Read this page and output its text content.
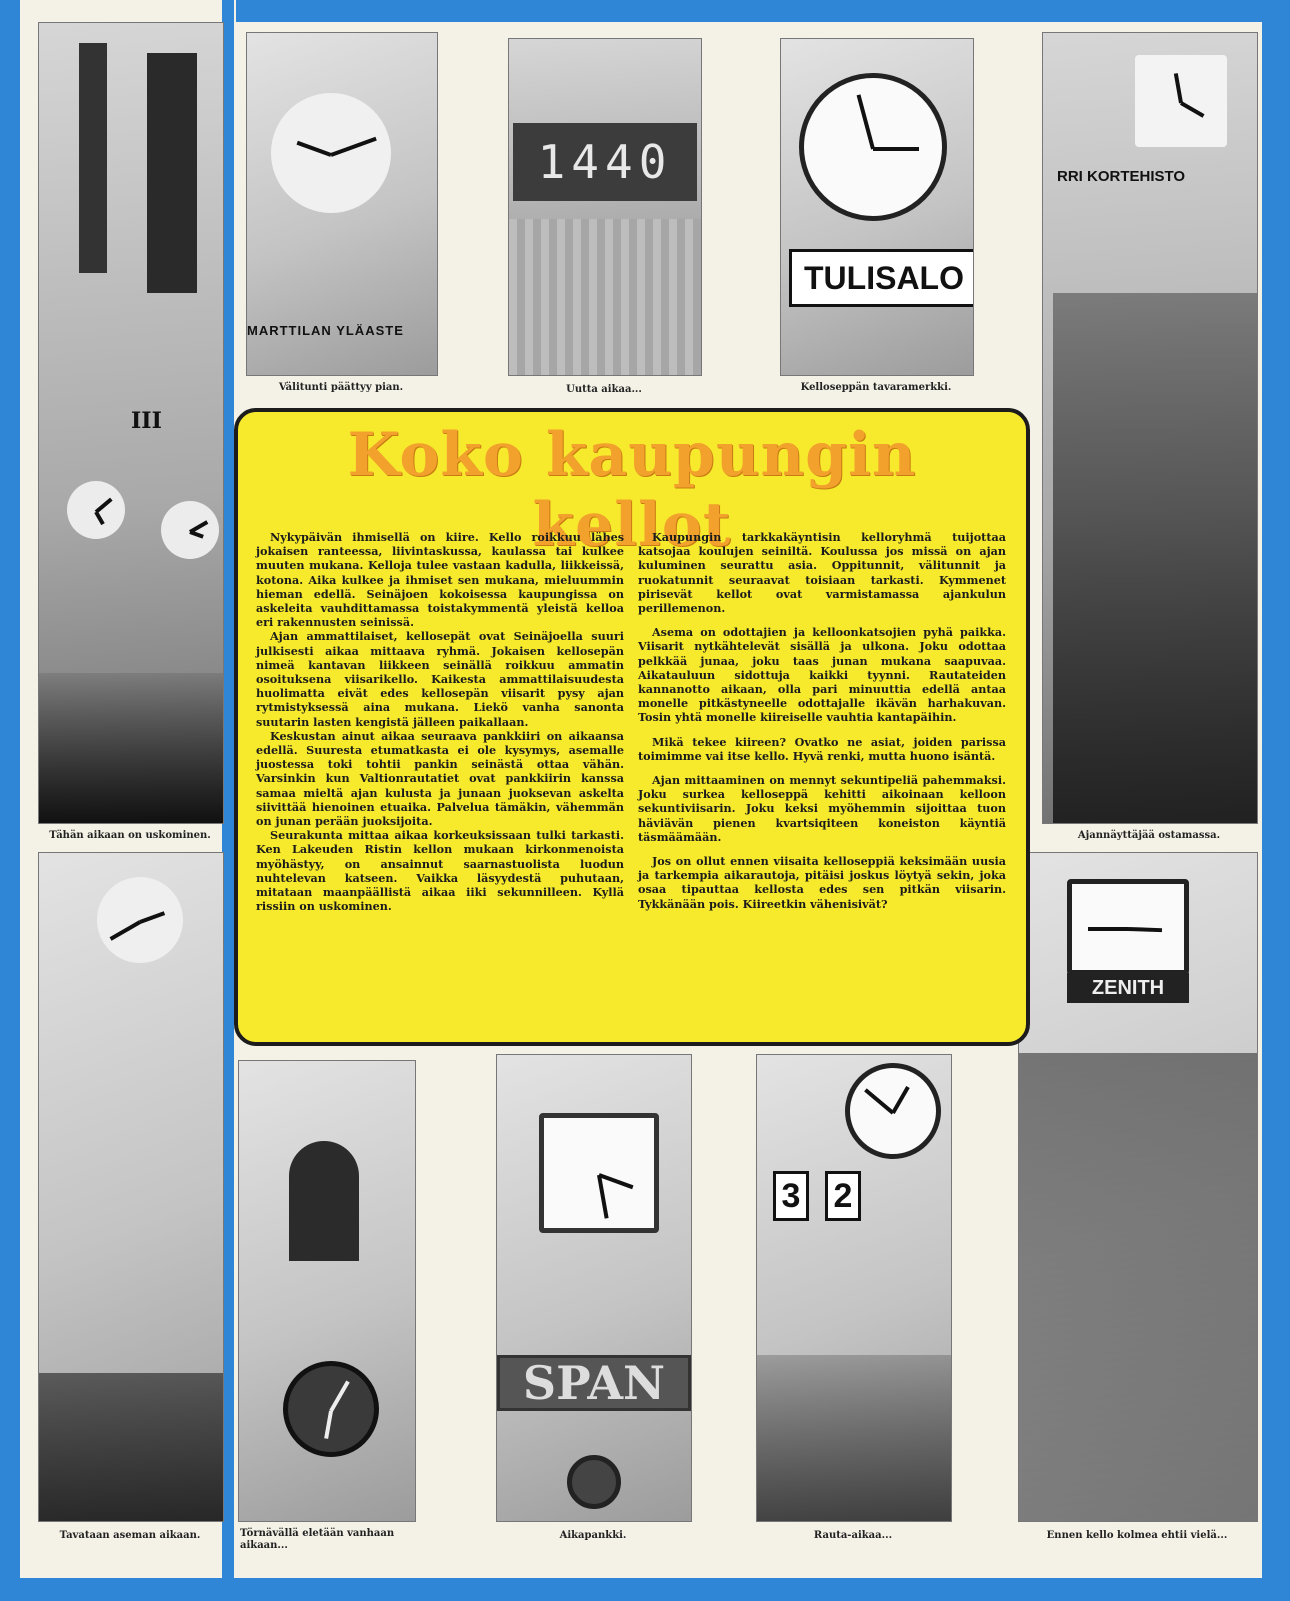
III
Tähän aikaan on uskominen.
Tavataan aseman aikaan.
MARTTILAN YLÄASTE
Välitunti päättyy pian.
1440
Uutta aikaa...
TULISALO
Kelloseppän tavaramerkki.
RRI KORTEHISTO
Ajannäyttäjää ostamassa.
ZENITH
Ennen kello kolmea ehtii vielä...
Koko kaupungin kellot

Nykypäivän ihmisellä on kiire. Kello roikkuu lähes jokaisen ranteessa, liivintaskussa, kaulassa tai kulkee muuten mukana. Kelloja tulee vastaan kadulla, liikkeissä, kotona. Aika kulkee ja ihmiset sen mukana, mieluummin hieman edellä. Seinäjoen kokoisessa kaupungissa on askeleita vauhdittamassa toistakymmentä yleistä kelloa eri rakennusten seinissä.

Ajan ammattilaiset, kellosepät ovat Seinäjoella suuri julkisesti aikaa mittaava ryhmä. Jokaisen kellosepän nimeä kantavan liikkeen seinällä roikkuu ammatin osoituksena viisarikello. Kaikesta ammattilaisuudesta huolimatta eivät edes kellosepän viisarit pysy ajan rytmistyksessä aina mukana. Liekö vanha sanonta suutarin lasten kengistä jälleen paikallaan.

Keskustan ainut aikaa seuraava pankkiiri on aikaansa edellä. Suuresta etumatkasta ei ole kysymys, asemalle juostessa toki tohtii pankin seinästä ottaa vähän. Varsinkin kun Valtionrautatiet ovat pankkiirin kanssa samaa mieltä ajan kulusta ja junaan juoksevan askelta siivittää hienoinen etuaika. Palvelua tämäkin, vähemmän on junan perään juoksijoita.

Seurakunta mittaa aikaa korkeuksissaan tulki tarkasti. Ken Lakeuden Ristin kellon mukaan kirkonmenoista myöhästyy, on ansainnut saarnastuolista luodun nuhtelevan katseen. Vaikka läsyydestä puhutaan, mitataan maanpäällistä aikaa iiki sekunnilleen. Kyllä rissiin on uskominen.

Kaupungin tarkkakäyntisin kelloryhmä tuijottaa katsojaa koulujen seiniltä. Koulussa jos missä on ajan kuluminen seurattu asia. Oppitunnit, välitunnit ja ruokatunnit seuraavat toisiaan tarkasti. Kymmenet pirisevät kellot ovat varmistamassa ajankulun perillemenon.

Asema on odottajien ja kelloonkatsojien pyhä paikka. Viisarit nytkähtelevät sisällä ja ulkona. Joku odottaa pelkkää junaa, joku taas junan mukana saapuvaa. Aikatauluun sidottuja kaikki tyynni. Rautateiden kannanotto aikaan, olla pari minuuttia edellä antaa monelle pitkästyneelle odottajalle ikävän harhakuvan. Tosin yhtä monelle kiireiselle vauhtia kantapäihin.

Mikä tekee kiireen? Ovatko ne asiat, joiden parissa toimimme vai itse kello. Hyvä renki, mutta huono isäntä.

Ajan mittaaminen on mennyt sekuntipeliä pahemmaksi. Joku surkea kelloseppä kehitti aikoinaan kelloon sekuntiviisarin. Joku keksi myöhemmin sijoittaa tuon häviävän pienen kvartsiqiteen koneiston käyntiä täsmäämään.

Jos on ollut ennen viisaita kelloseppiä keksimään uusia ja tarkempia aikarautoja, pitäisi joskus löytyä sekin, joka osaa tipauttaa kellosta edes sen pitkän viisarin. Tykkänään pois. Kiireetkin vähenisivät?

Törnävällä eletään vanhaan aikaan...
SPAN
Aikapankki.
3 2
Rauta-aikaa...
